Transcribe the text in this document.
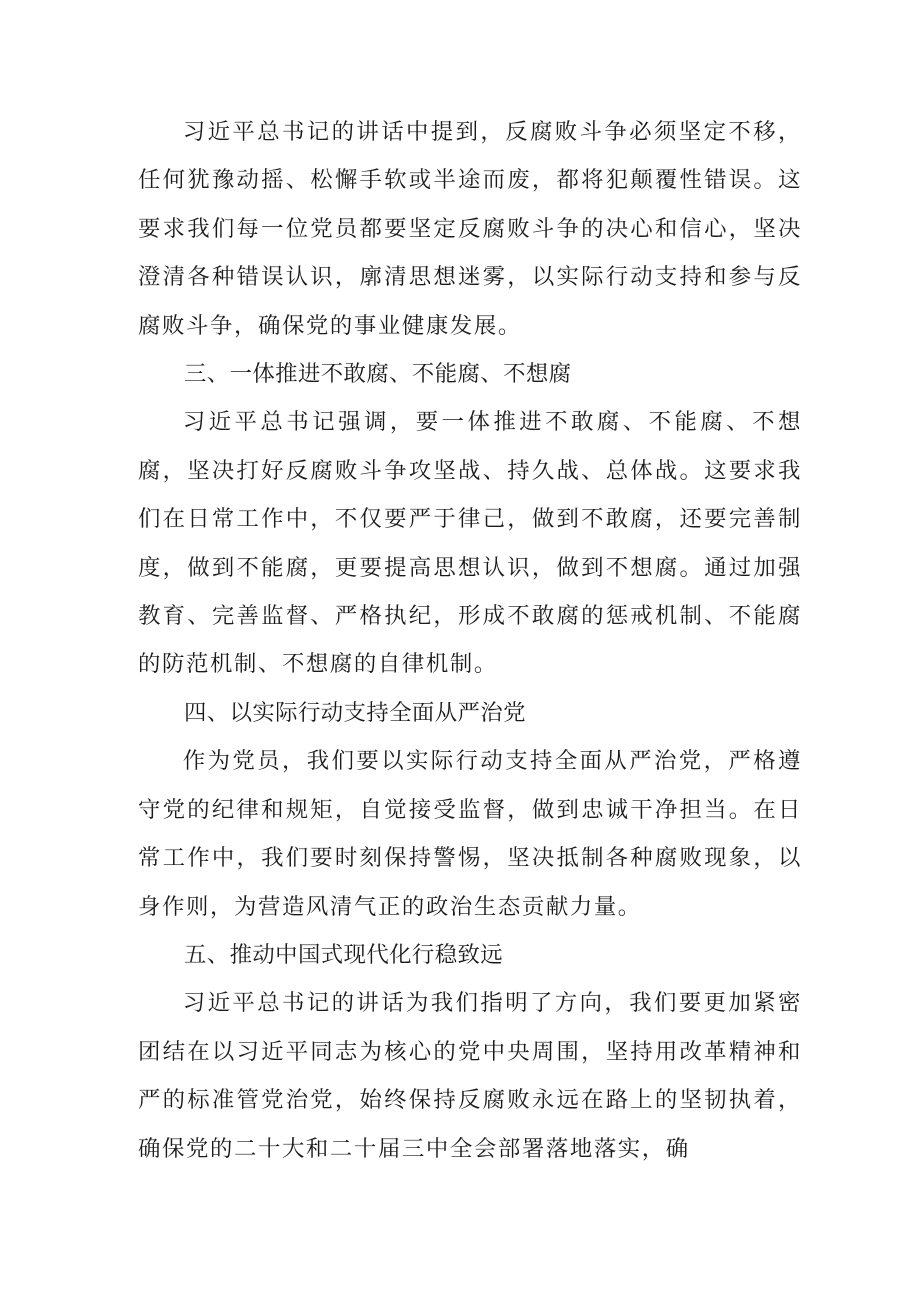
习近平总书记的讲话中提到，反腐败斗争必须坚定不移，任何犹豫动摇、松懈手软或半途而废，都将犯颠覆性错误。这要求我们每一位党员都要坚定反腐败斗争的决心和信心，坚决澄清各种错误认识，廓清思想迷雾，以实际行动支持和参与反腐败斗争，确保党的事业健康发展。

三、一体推进不敢腐、不能腐、不想腐

习近平总书记强调，要一体推进不敢腐、不能腐、不想腐，坚决打好反腐败斗争攻坚战、持久战、总体战。这要求我们在日常工作中，不仅要严于律己，做到不敢腐，还要完善制度，做到不能腐，更要提高思想认识，做到不想腐。通过加强教育、完善监督、严格执纪，形成不敢腐的惩戒机制、不能腐的防范机制、不想腐的自律机制。

四、以实际行动支持全面从严治党

作为党员，我们要以实际行动支持全面从严治党，严格遵守党的纪律和规矩，自觉接受监督，做到忠诚干净担当。在日常工作中，我们要时刻保持警惕，坚决抵制各种腐败现象，以身作则，为营造风清气正的政治生态贡献力量。

五、推动中国式现代化行稳致远

习近平总书记的讲话为我们指明了方向，我们要更加紧密团结在以习近平同志为核心的党中央周围，坚持用改革精神和严的标准管党治党，始终保持反腐败永远在路上的坚韧执着，确保党的二十大和二十届三中全会部署落地落实，确
